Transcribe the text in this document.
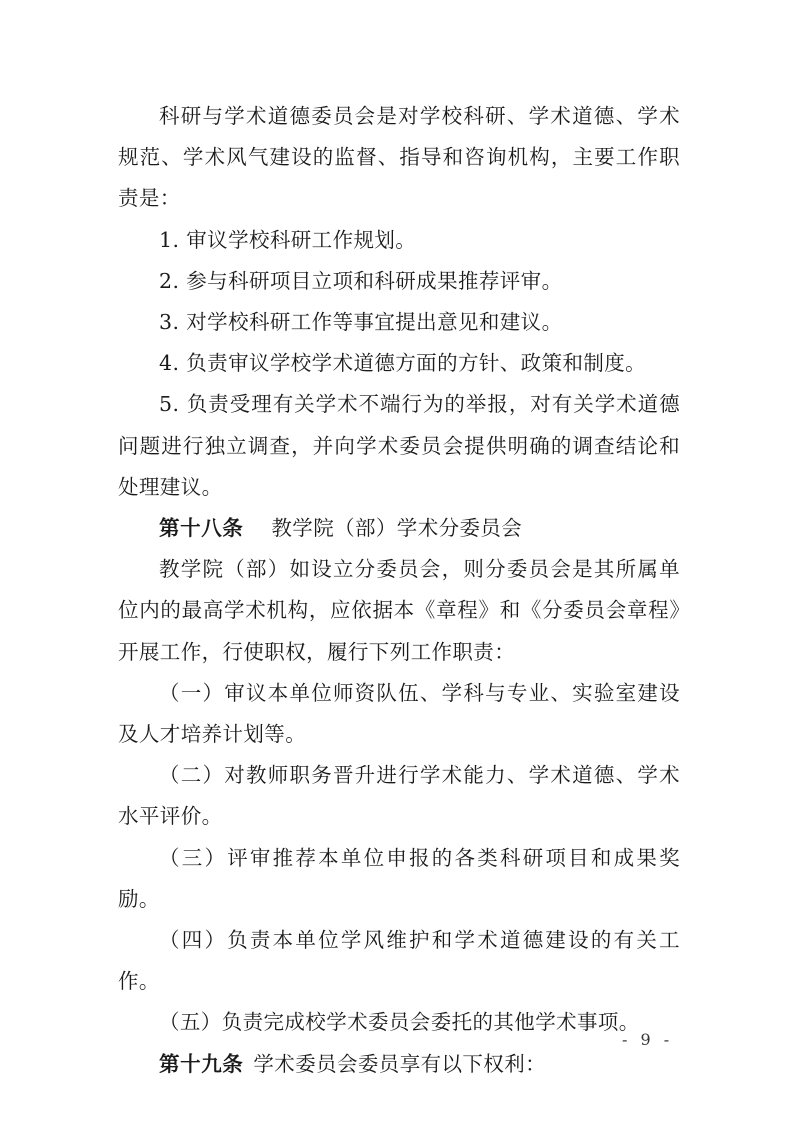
科研与学术道德委员会是对学校科研、学术道德、学术规范、学术风气建设的监督、指导和咨询机构，主要工作职责是：

1. 审议学校科研工作规划。

2. 参与科研项目立项和科研成果推荐评审。

3. 对学校科研工作等事宜提出意见和建议。

4. 负责审议学校学术道德方面的方针、政策和制度。

5. 负责受理有关学术不端行为的举报，对有关学术道德问题进行独立调查，并向学术委员会提供明确的调查结论和处理建议。

第十八条 教学院（部）学术分委员会

教学院（部）如设立分委员会，则分委员会是其所属单位内的最高学术机构，应依据本《章程》和《分委员会章程》开展工作，行使职权，履行下列工作职责：

（一）审议本单位师资队伍、学科与专业、实验室建设及人才培养计划等。

（二）对教师职务晋升进行学术能力、学术道德、学术水平评价。

（三）评审推荐本单位申报的各类科研项目和成果奖励。

（四）负责本单位学风维护和学术道德建设的有关工作。

（五）负责完成校学术委员会委托的其他学术事项。

第十九条 学术委员会委员享有以下权利：

- 9 -
